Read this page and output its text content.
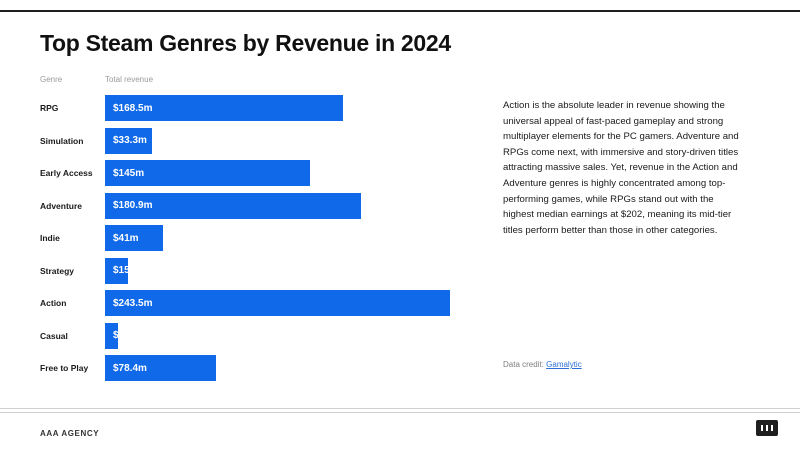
Top Steam Genres by Revenue in 2024
Genre	Total revenue
RPG	$168.5m
Simulation	$33.3m
Early Access	$145m
Adventure	$180.9m
Indie	$41m
Strategy	$15.9m
Action	$243.5m
Casual	$9.2m
Free to Play	$78.4m
Action is the absolute leader in revenue showing the universal appeal of fast-paced gameplay and strong multiplayer elements for the PC gamers. Adventure and RPGs come next, with immersive and story-driven titles attracting massive sales. Yet, revenue in the Action and Adventure genres is highly concentrated among top-performing games, while RPGs stand out with the highest median earnings at $202, meaning its mid-tier titles perform better than those in other categories.
Data credit: Gamalytic
AAA AGENCY
